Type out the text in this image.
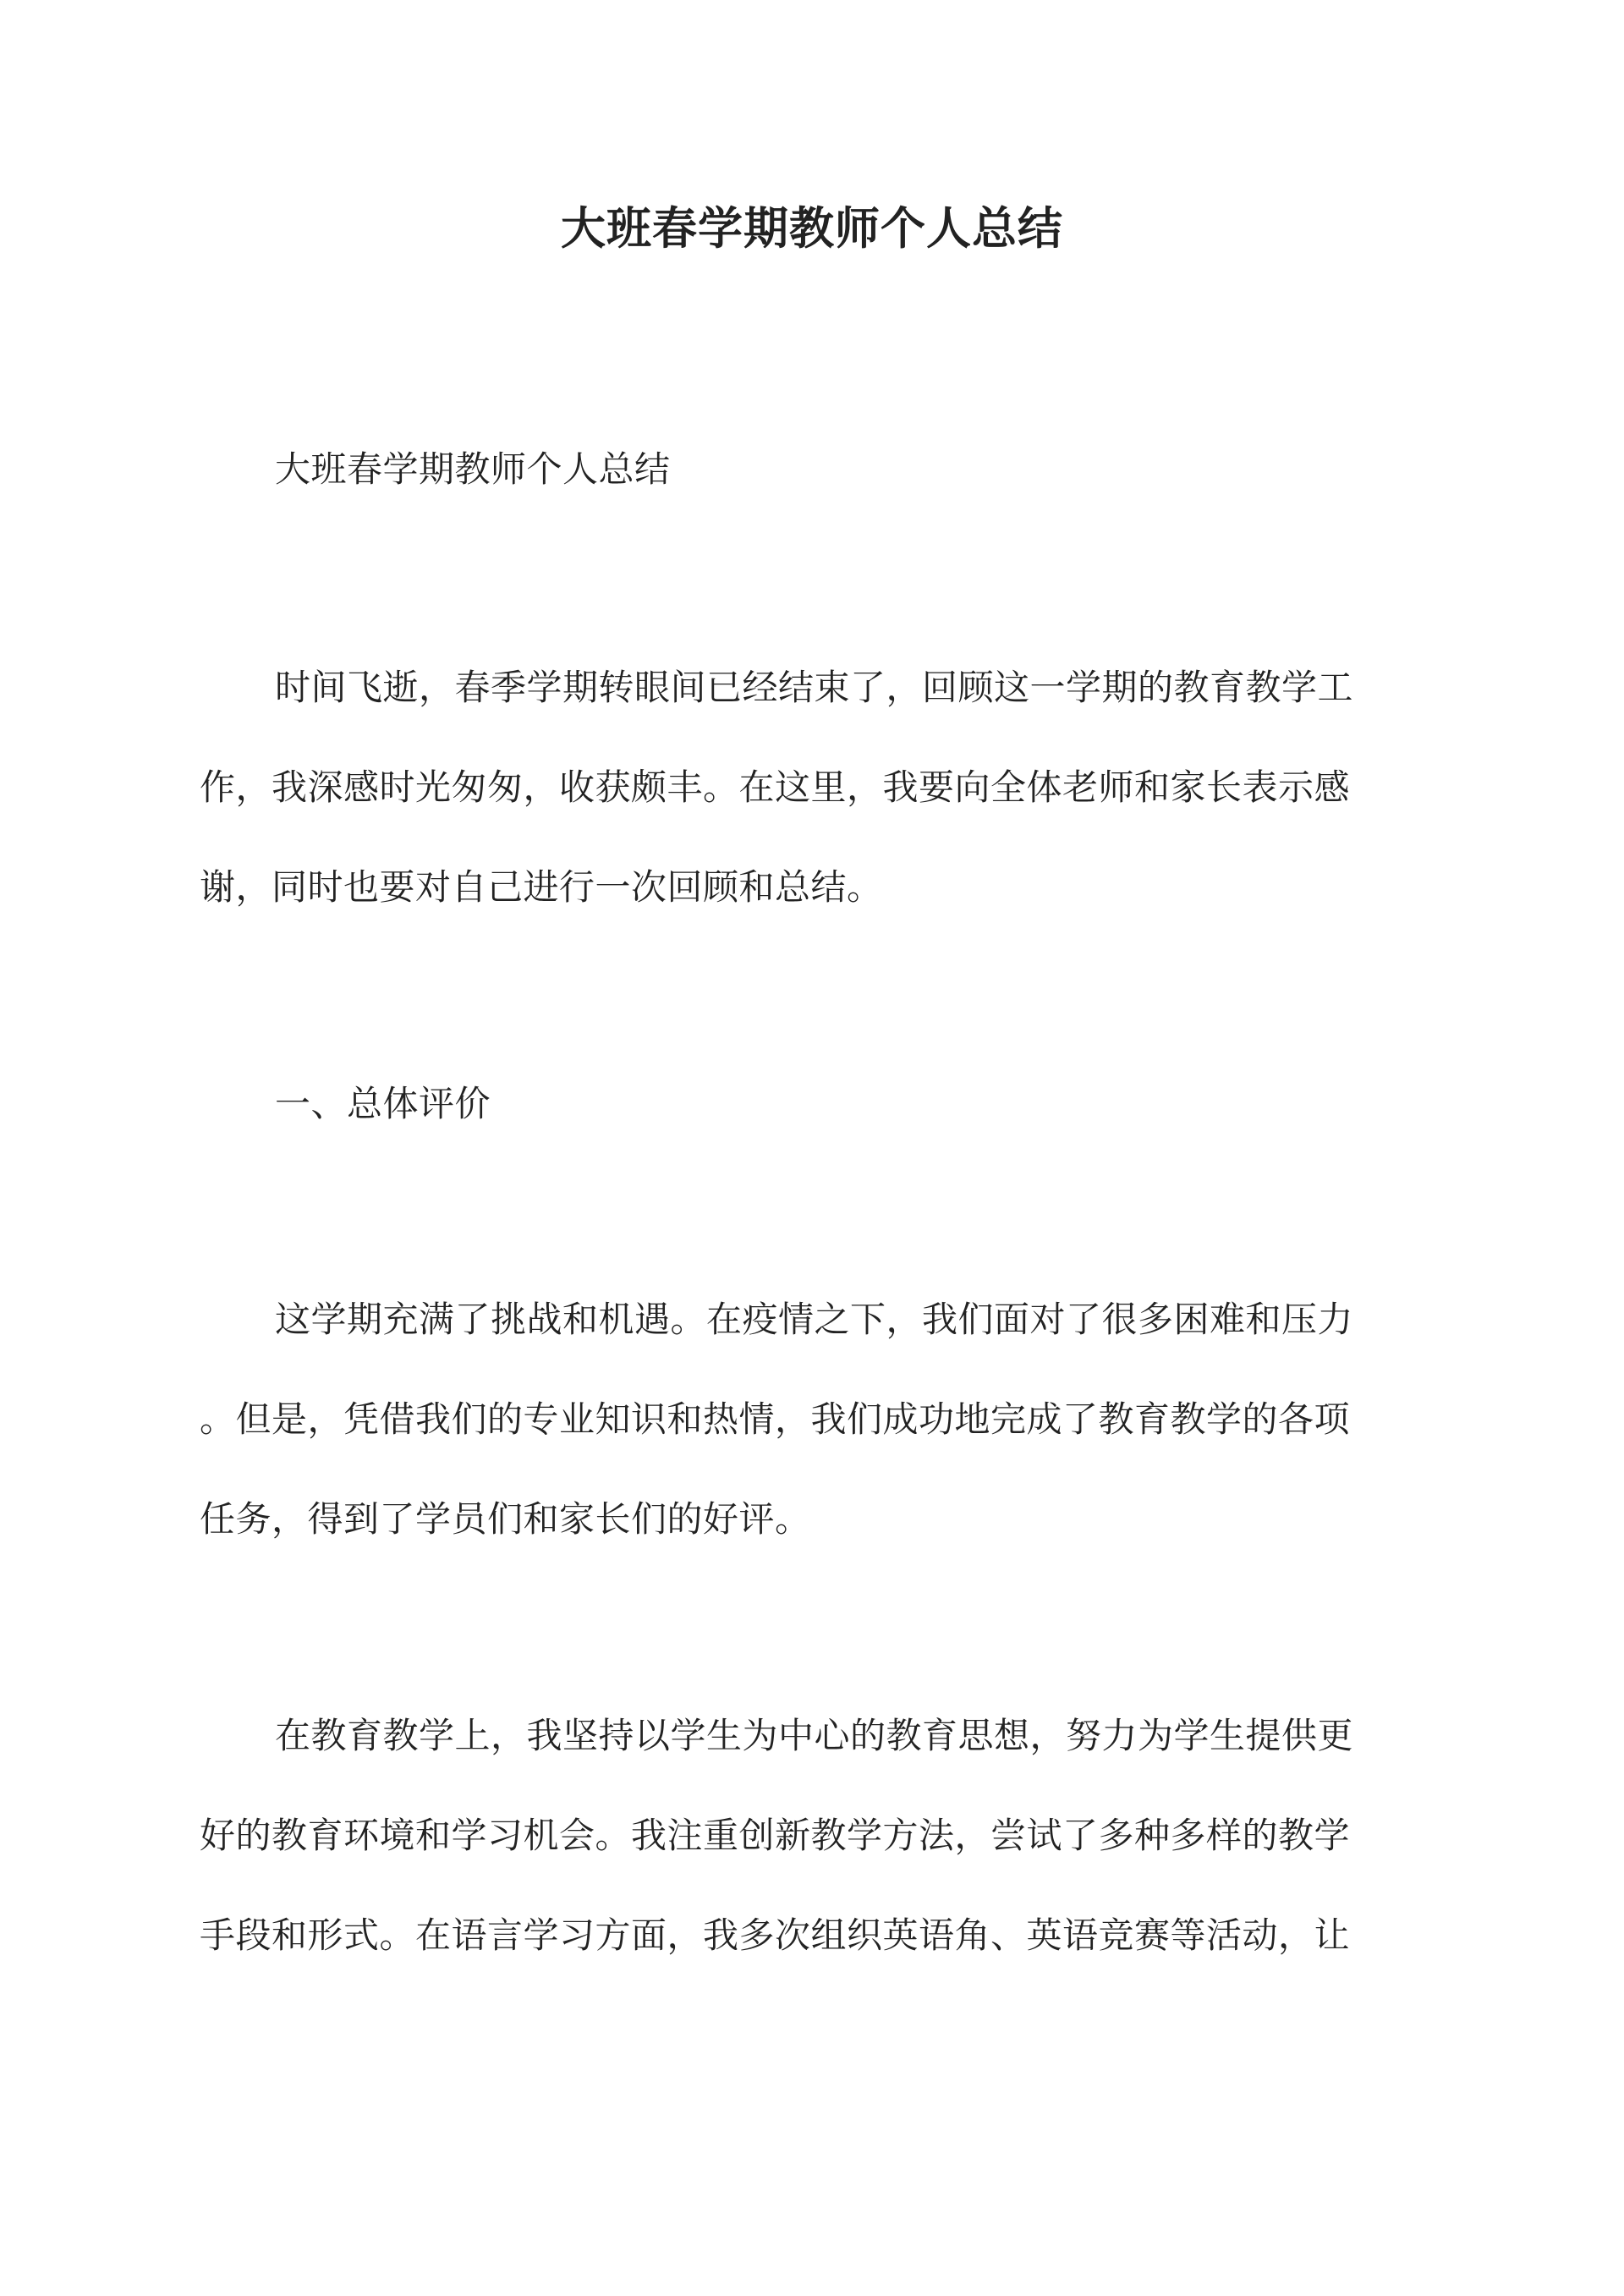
大班春学期教师个人总结
大班春学期教师个人总结
时间飞逝，春季学期转眼间已经结束了，回顾这一学期的教育教学工
作，我深感时光匆匆，收获颇丰。在这里，我要向全体老师和家长表示感
谢，同时也要对自己进行一次回顾和总结。
一、总体评价
这学期充满了挑战和机遇。在疫情之下，我们面对了很多困难和压力
。但是，凭借我们的专业知识和热情，我们成功地完成了教育教学的各项
任务，得到了学员们和家长们的好评。
在教育教学上，我坚持以学生为中心的教育思想，努力为学生提供更
好的教育环境和学习机会。我注重创新教学方法，尝试了多种多样的教学
手段和形式。在语言学习方面，我多次组织英语角、英语竞赛等活动，让
